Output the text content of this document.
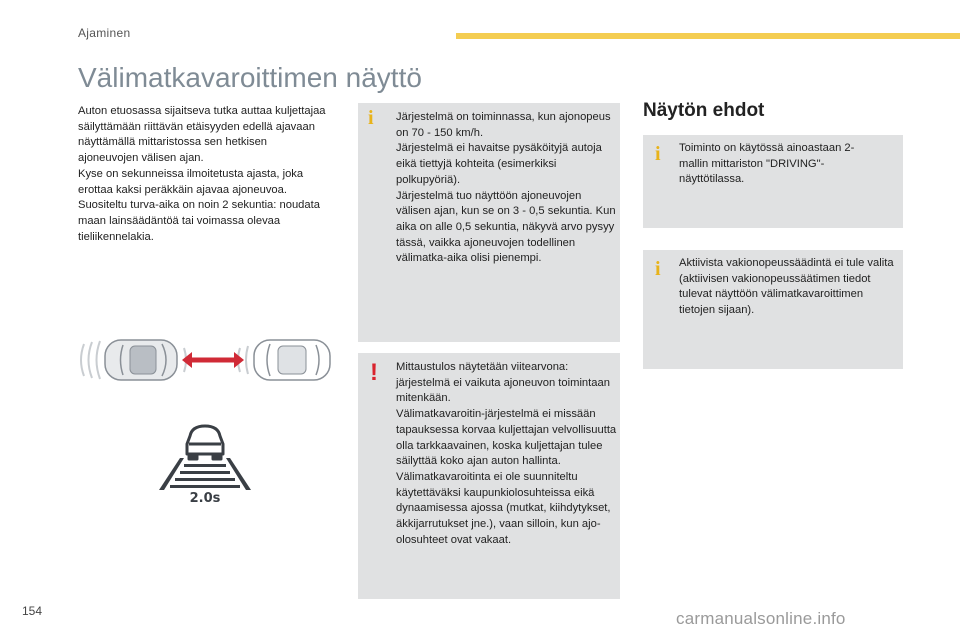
Ajaminen
Välimatkavaroittimen näyttö

Auton etuosassa sijaitseva tutka auttaa kuljettajaa säilyttämään riittävän etäisyyden edellä ajavaan näyttämällä mittaristossa sen hetkisen ajoneuvojen välisen ajan.

Kyse on sekunneissa ilmoitetusta ajasta, joka erottaa kaksi peräkkäin ajavaa ajoneuvoa.

Suositeltu turva-aika on noin 2 sekuntia: noudata maan lainsäädäntöä tai voimassa olevaa tieliikennelakia.

2.0s
i Järjestelmä on toiminnassa, kun ajonopeus on 70 - 150 km/h.

Järjestelmä ei havaitse pysäköityjä autoja eikä tiettyjä kohteita (esimerkiksi polkupyöriä).

Järjestelmä tuo näyttöön ajoneuvojen välisen ajan, kun se on 3 - 0,5 sekuntia. Kun aika on alle 0,5 sekuntia, näkyvä arvo pysyy tässä, vaikka ajoneuvojen todellinen välimatka-aika olisi pienempi.

! Mittaustulos näytetään viitearvona: järjestelmä ei vaikuta ajoneuvon toimintaan mitenkään.

Välimatkavaroitin-järjestelmä ei missään tapauksessa korvaa kuljettajan velvollisuutta olla tarkkaavainen, koska kuljettajan tulee säilyttää koko ajan auton hallinta.

Välimatkavaroitinta ei ole suunniteltu käytettäväksi kaupunkiolosuhteissa eikä dynaamisessa ajossa (mutkat, kiihdytykset, äkkijarrutukset jne.), vaan silloin, kun ajo-olosuhteet ovat vakaat.

Näytön ehdot
i Toiminto on käytössä ainoastaan 2-mallin mittariston "DRIVING"-näyttötilassa.
i Aktiivista vakionopeussäädintä ei tule valita (aktiivisen vakionopeussäätimen tiedot tulevat näyttöön välimatkavaroittimen tietojen sijaan).
154	carmanualsonline.info
